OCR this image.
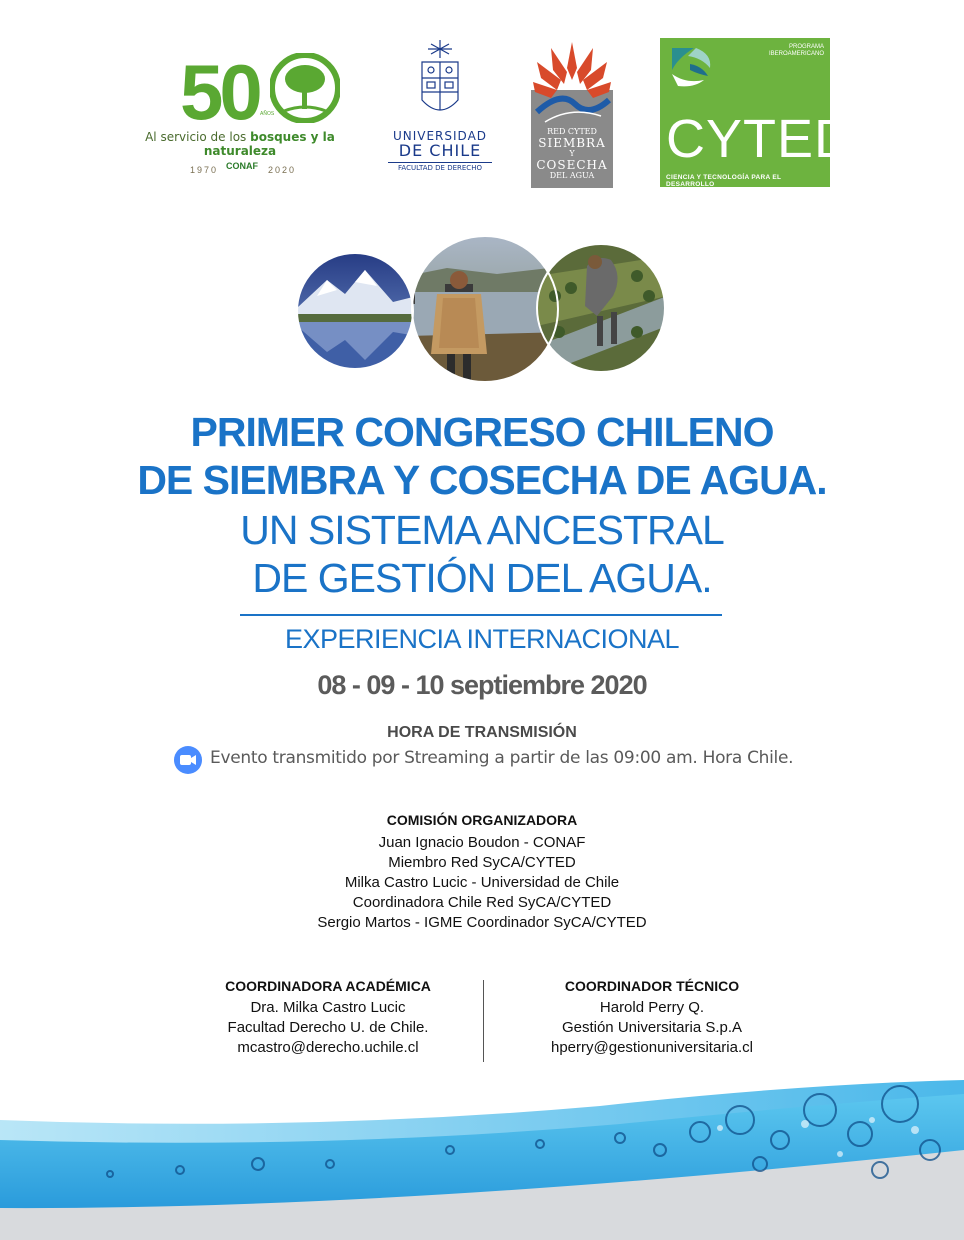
50 AÑOS
Al servicio de los bosques y la naturaleza
1970	2020
CONAF
UNIVERSIDAD
DE CHILE
FACULTAD DE DERECHO
RED CYTED
SIEMBRA
Y
COSECHA
DEL AGUA
PROGRAMA
IBEROAMERICANO
CYTED
CIENCIA Y TECNOLOGÍA PARA EL DESARROLLO
PRIMER CONGRESO CHILENO
DE SIEMBRA Y COSECHA DE AGUA.
UN SISTEMA ANCESTRAL
DE GESTIÓN DEL AGUA.
EXPERIENCIA INTERNACIONAL
08 - 09 - 10 septiembre 2020
HORA DE TRANSMISIÓN
Evento transmitido por Streaming a partir de las 09:00 am. Hora Chile.
COMISIÓN ORGANIZADORA
Juan Ignacio Boudon - CONAF
Miembro Red SyCA/CYTED
Milka Castro Lucic - Universidad de Chile
Coordinadora Chile Red SyCA/CYTED
Sergio Martos - IGME Coordinador SyCA/CYTED
COORDINADORA ACADÉMICA
Dra. Milka Castro Lucic
Facultad Derecho U. de Chile.
mcastro@derecho.uchile.cl
COORDINADOR TÉCNICO
Harold Perry Q.
Gestión Universitaria S.p.A
hperry@gestionuniversitaria.cl
